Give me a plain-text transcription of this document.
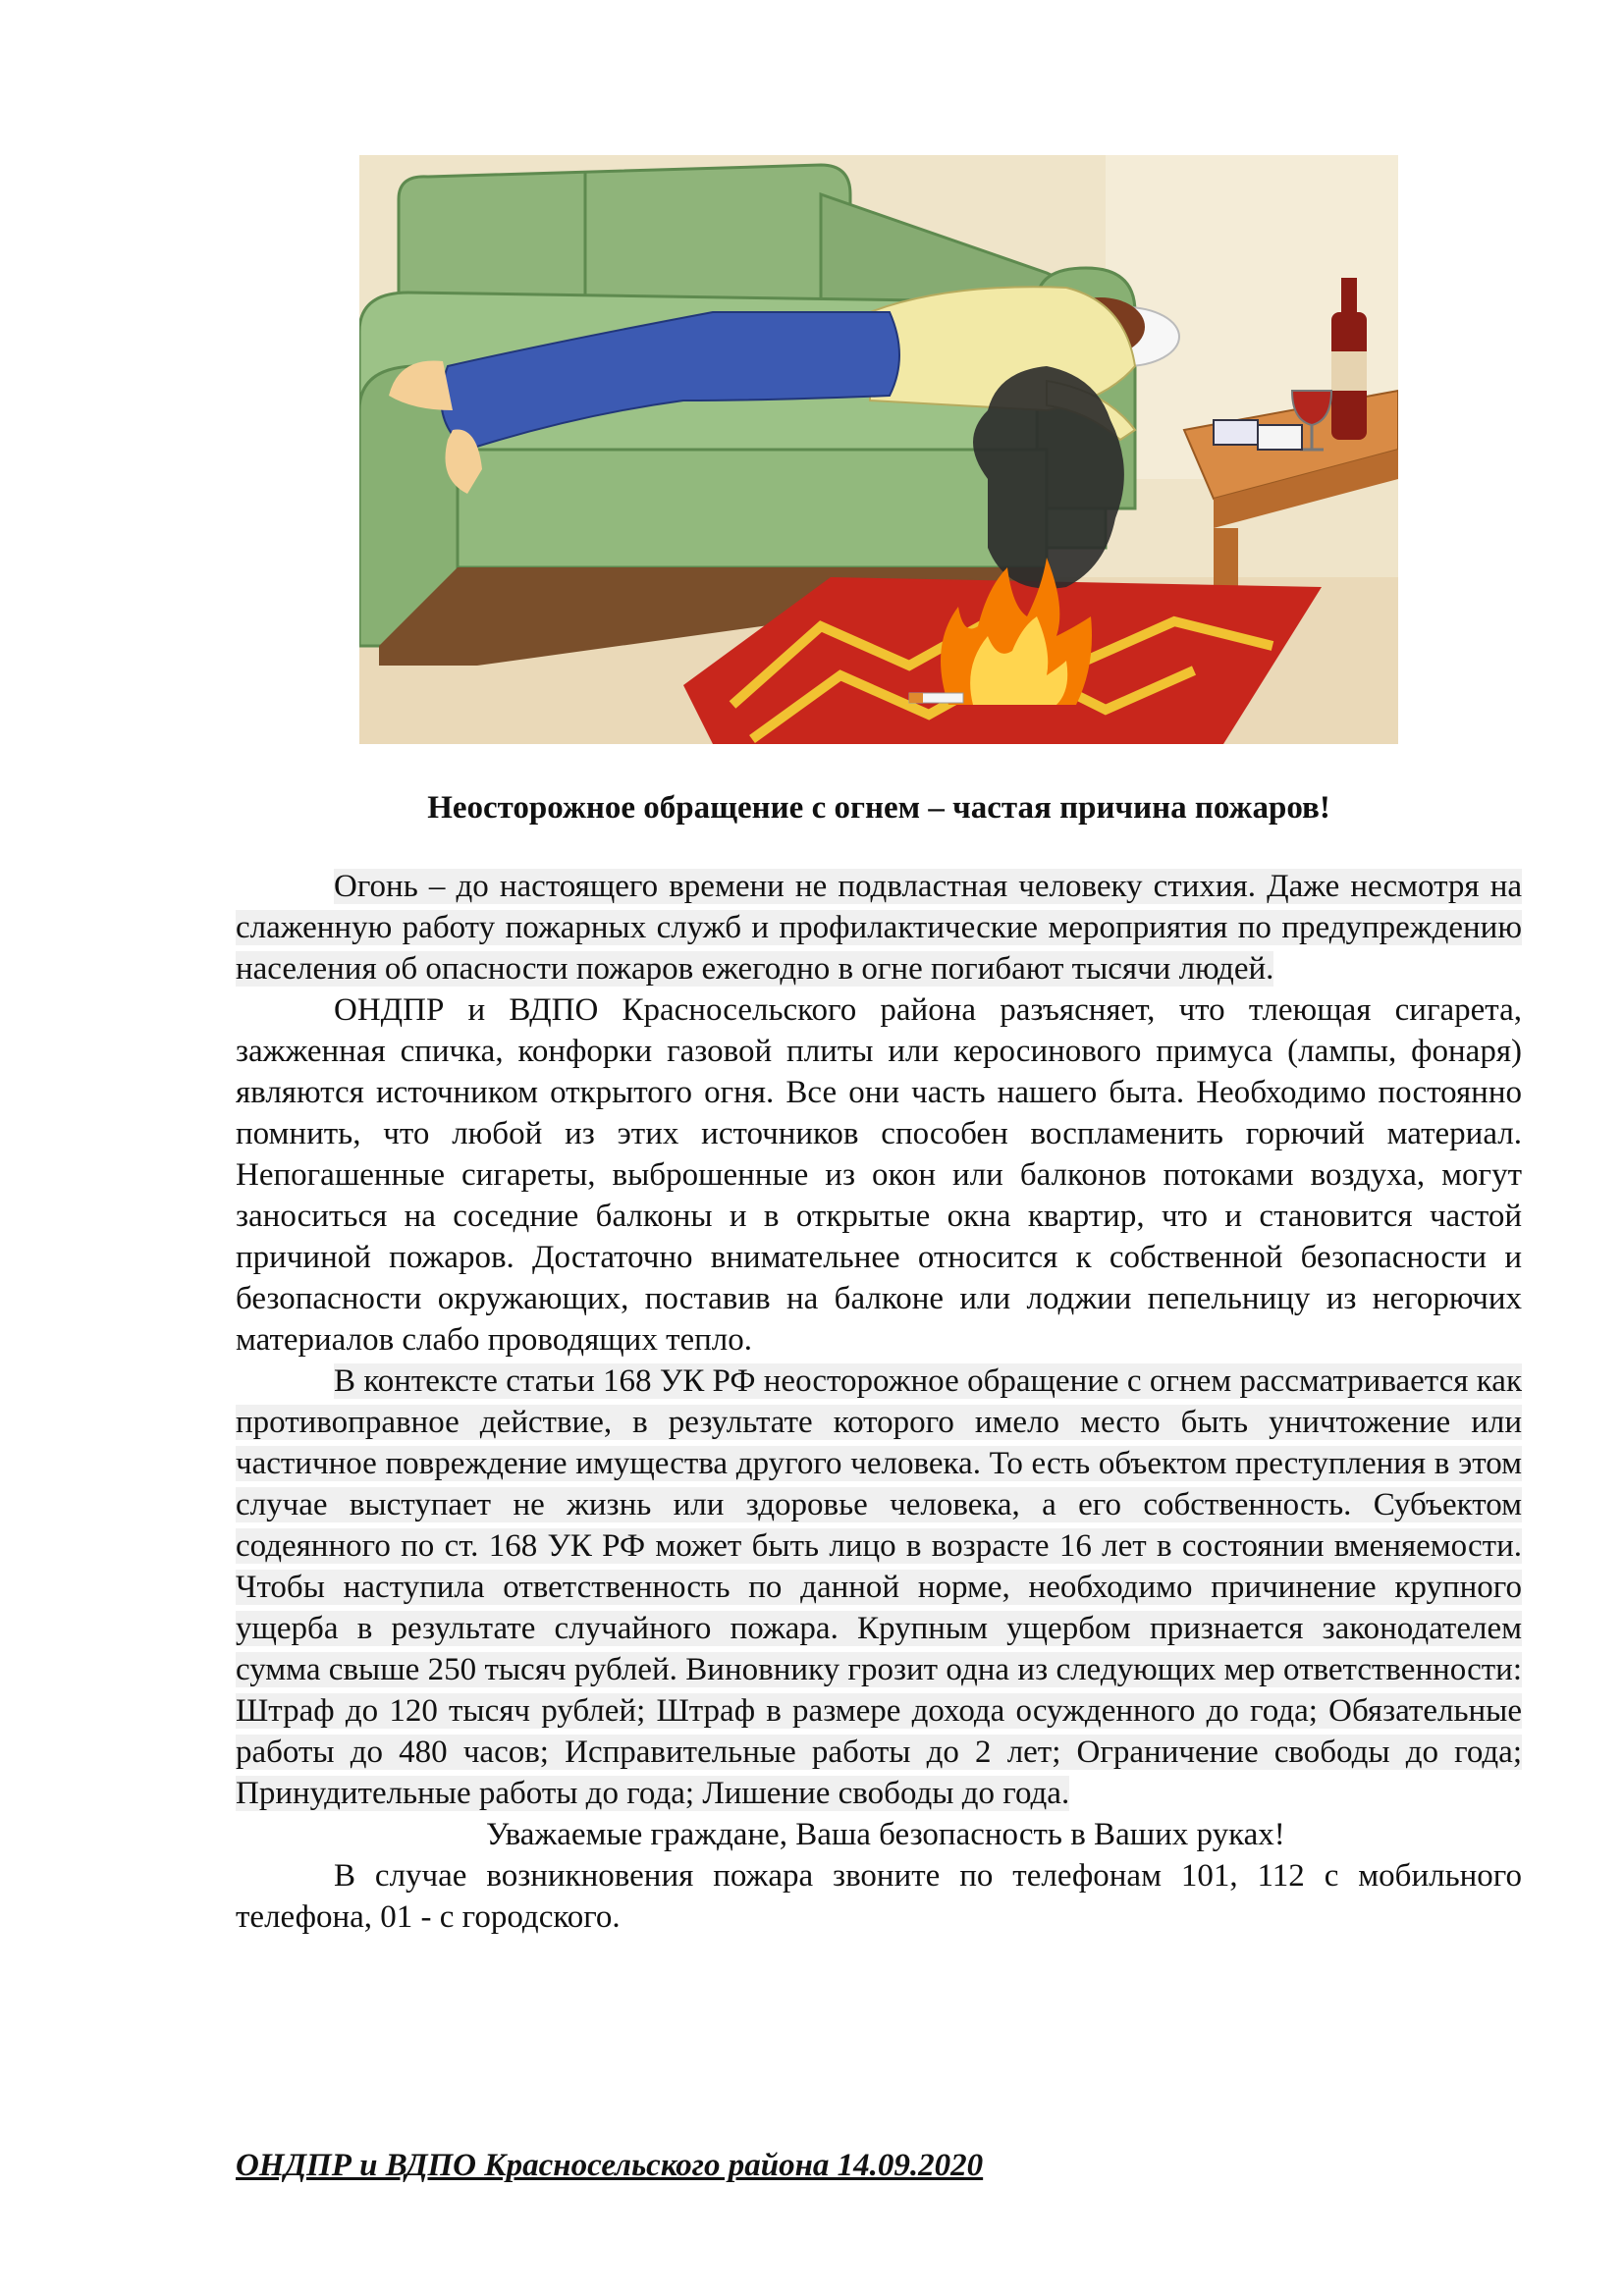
Неосторожное обращение с огнем – частая причина пожаров!

Огонь – до настоящего времени не подвластная человеку стихия. Даже несмотря на слаженную работу пожарных служб и профилактические мероприятия по предупреждению населения об опасности пожаров ежегодно в огне погибают тысячи людей.

ОНДПР и ВДПО Красносельского района разъясняет, что тлеющая сигарета, зажженная спичка, конфорки газовой плиты или керосинового примуса (лампы, фонаря) являются источником открытого огня. Все они часть нашего быта. Необходимо постоянно помнить, что любой из этих источников способен воспламенить горючий материал. Непогашенные сигареты, выброшенные из окон или балконов потоками воздуха, могут заноситься на соседние балконы и в открытые окна квартир, что и становится частой причиной пожаров. Достаточно внимательнее относится к собственной безопасности и безопасности окружающих, поставив на балконе или лоджии пепельницу из негорючих материалов слабо проводящих тепло.

В контексте статьи 168 УК РФ неосторожное обращение с огнем рассматривается как противоправное действие, в результате которого имело место быть уничтожение или частичное повреждение имущества другого человека. То есть объектом преступления в этом случае выступает не жизнь или здоровье человека, а его собственность. Субъектом содеянного по ст. 168 УК РФ может быть лицо в возрасте 16 лет в состоянии вменяемости. Чтобы наступила ответственность по данной норме, необходимо причинение крупного ущерба в результате случайного пожара. Крупным ущербом признается законодателем сумма свыше 250 тысяч рублей. Виновнику грозит одна из следующих мер ответственности: Штраф до 120 тысяч рублей; Штраф в размере дохода осужденного до года; Обязательные работы до 480 часов; Исправительные работы до 2 лет; Ограничение свободы до года; Принудительные работы до года; Лишение свободы до года.

Уважаемые граждане, Ваша безопасность в Ваших руках!

В случае возникновения пожара звоните по телефонам 101, 112 с мобильного телефона, 01 - с городского.

ОНДПР и ВДПО Красносельского района 14.09.2020
